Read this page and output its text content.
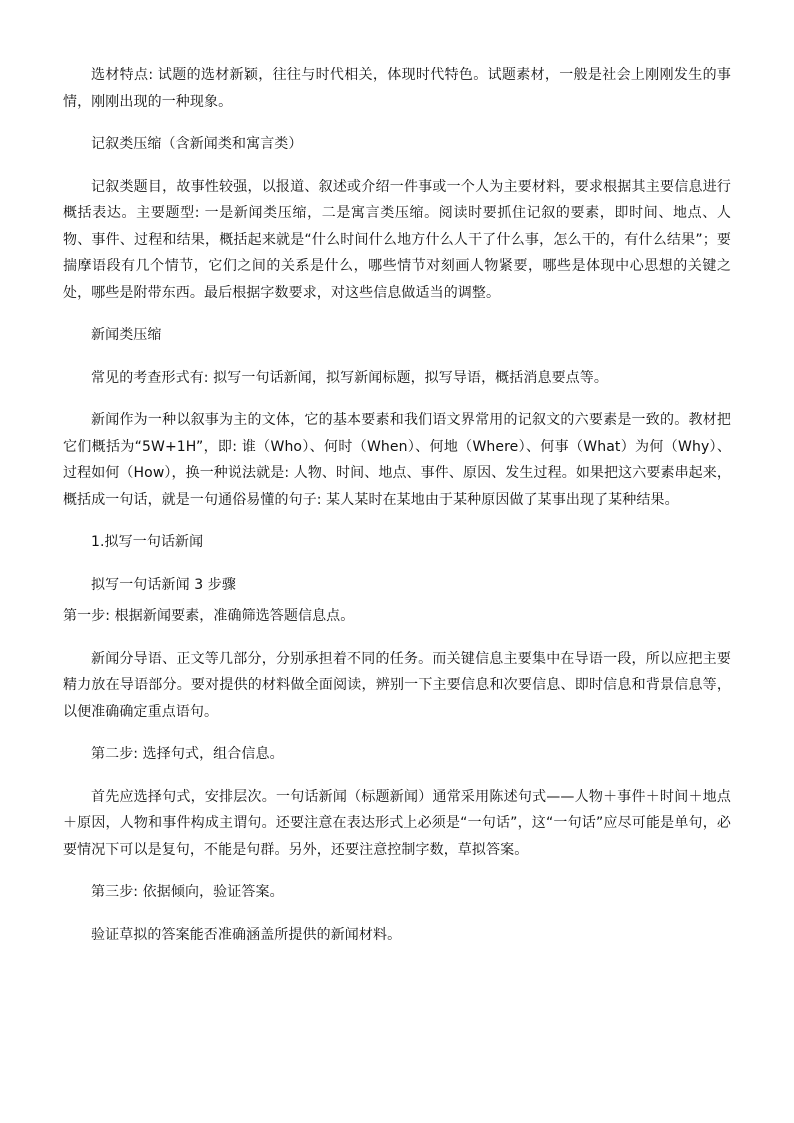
选材特点: 试题的选材新颖，往往与时代相关，体现时代特色。试题素材，一般是社会上刚刚发生的事情，刚刚出现的一种现象。

记叙类压缩（含新闻类和寓言类）

记叙类题目，故事性较强，以报道、叙述或介绍一件事或一个人为主要材料，要求根据其主要信息进行概括表达。主要题型: 一是新闻类压缩，二是寓言类压缩。阅读时要抓住记叙的要素，即时间、地点、人物、事件、过程和结果，概括起来就是“什么时间什么地方什么人干了什么事，怎么干的，有什么结果”；要揣摩语段有几个情节，它们之间的关系是什么，哪些情节对刻画人物紧要，哪些是体现中心思想的关键之处，哪些是附带东西。最后根据字数要求，对这些信息做适当的调整。

新闻类压缩

常见的考查形式有: 拟写一句话新闻，拟写新闻标题，拟写导语，概括消息要点等。

新闻作为一种以叙事为主的文体，它的基本要素和我们语文界常用的记叙文的六要素是一致的。教材把它们概括为“5W+1H”，即: 谁（Who）、何时（When）、何地（Where）、何事（What）为何（Why）、过程如何（How），换一种说法就是: 人物、时间、地点、事件、原因、发生过程。如果把这六要素串起来，概括成一句话，就是一句通俗易懂的句子: 某人某时在某地由于某种原因做了某事出现了某种结果。

1.拟写一句话新闻

拟写一句话新闻 3 步骤

第一步: 根据新闻要素，准确筛选答题信息点。

新闻分导语、正文等几部分，分别承担着不同的任务。而关键信息主要集中在导语一段，所以应把主要精力放在导语部分。要对提供的材料做全面阅读，辨别一下主要信息和次要信息、即时信息和背景信息等，以便准确确定重点语句。

第二步: 选择句式，组合信息。

首先应选择句式，安排层次。一句话新闻（标题新闻）通常采用陈述句式——人物＋事件＋时间＋地点＋原因，人物和事件构成主谓句。还要注意在表达形式上必须是“一句话”，这“一句话”应尽可能是单句，必要情况下可以是复句，不能是句群。另外，还要注意控制字数，草拟答案。

第三步: 依据倾向，验证答案。

验证草拟的答案能否准确涵盖所提供的新闻材料。
